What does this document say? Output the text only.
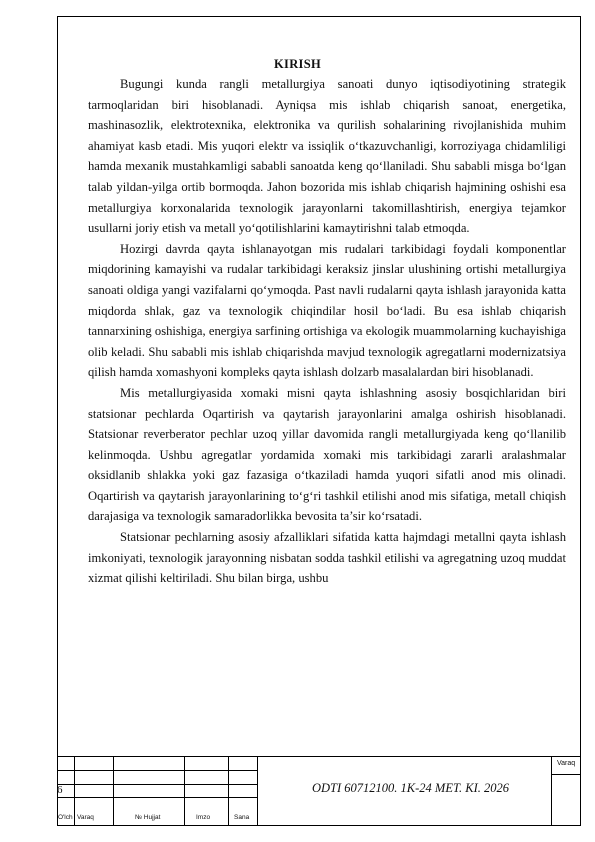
KIRISH

Bugungi kunda rangli metallurgiya sanoati dunyo iqtisodiyotining strategik tarmoqlaridan biri hisoblanadi. Ayniqsa mis ishlab chiqarish sanoat, energetika, mashinasozlik, elektrotexnika, elektronika va qurilish sohalarining rivojlanishida muhim ahamiyat kasb etadi. Mis yuqori elektr va issiqlik o‘tkazuvchanligi, korroziyaga chidamliligi hamda mexanik mustahkamligi sababli sanoatda keng qo‘llaniladi. Shu sababli misga bo‘lgan talab yildan-yilga ortib bormoqda. Jahon bozorida mis ishlab chiqarish hajmining oshishi esa metallurgiya korxonalarida texnologik jarayonlarni takomillashtirish, energiya tejamkor usullarni joriy etish va metall yo‘qotilishlarini kamaytirishni talab etmoqda.

Hozirgi davrda qayta ishlanayotgan mis rudalari tarkibidagi foydali komponentlar miqdorining kamayishi va rudalar tarkibidagi keraksiz jinslar ulushining ortishi metallurgiya sanoati oldiga yangi vazifalarni qo‘ymoqda. Past navli rudalarni qayta ishlash jarayonida katta miqdorda shlak, gaz va texnologik chiqindilar hosil bo‘ladi. Bu esa ishlab chiqarish tannarxining oshishiga, energiya sarfining ortishiga va ekologik muammolarning kuchayishiga olib keladi. Shu sababli mis ishlab chiqarishda mavjud texnologik agregatlarni modernizatsiya qilish hamda xomashyoni kompleks qayta ishlash dolzarb masalalardan biri hisoblanadi.

Mis metallurgiyasida xomaki misni qayta ishlashning asosiy bosqichlaridan biri statsionar pechlarda Oqartirish va qaytarish jarayonlarini amalga oshirish hisoblanadi. Statsionar reverberator pechlar uzoq yillar davomida rangli metallurgiyada keng qo‘llanilib kelinmoqda. Ushbu agregatlar yordamida xomaki mis tarkibidagi zararli aralashmalar oksidlanib shlakka yoki gaz fazasiga o‘tkaziladi hamda yuqori sifatli anod mis olinadi. Oqartirish va qaytarish jarayonlarining to‘g‘ri tashkil etilishi anod mis sifatiga, metall chiqish darajasiga va texnologik samaradorlikka bevosita ta’sir ko‘rsatadi.

Statsionar pechlarning asosiy afzalliklari sifatida katta hajmdagi metallni qayta ishlash imkoniyati, texnologik jarayonning nisbatan sodda tashkil etilishi va agregatning uzoq muddat xizmat qilishi keltiriladi. Shu bilan birga, ushbu

6	ODTI 60712100. 1K-24 MET. KI. 2026
Varaq
O'lch Varaq	№ Hujjat	Imzo	Sana
